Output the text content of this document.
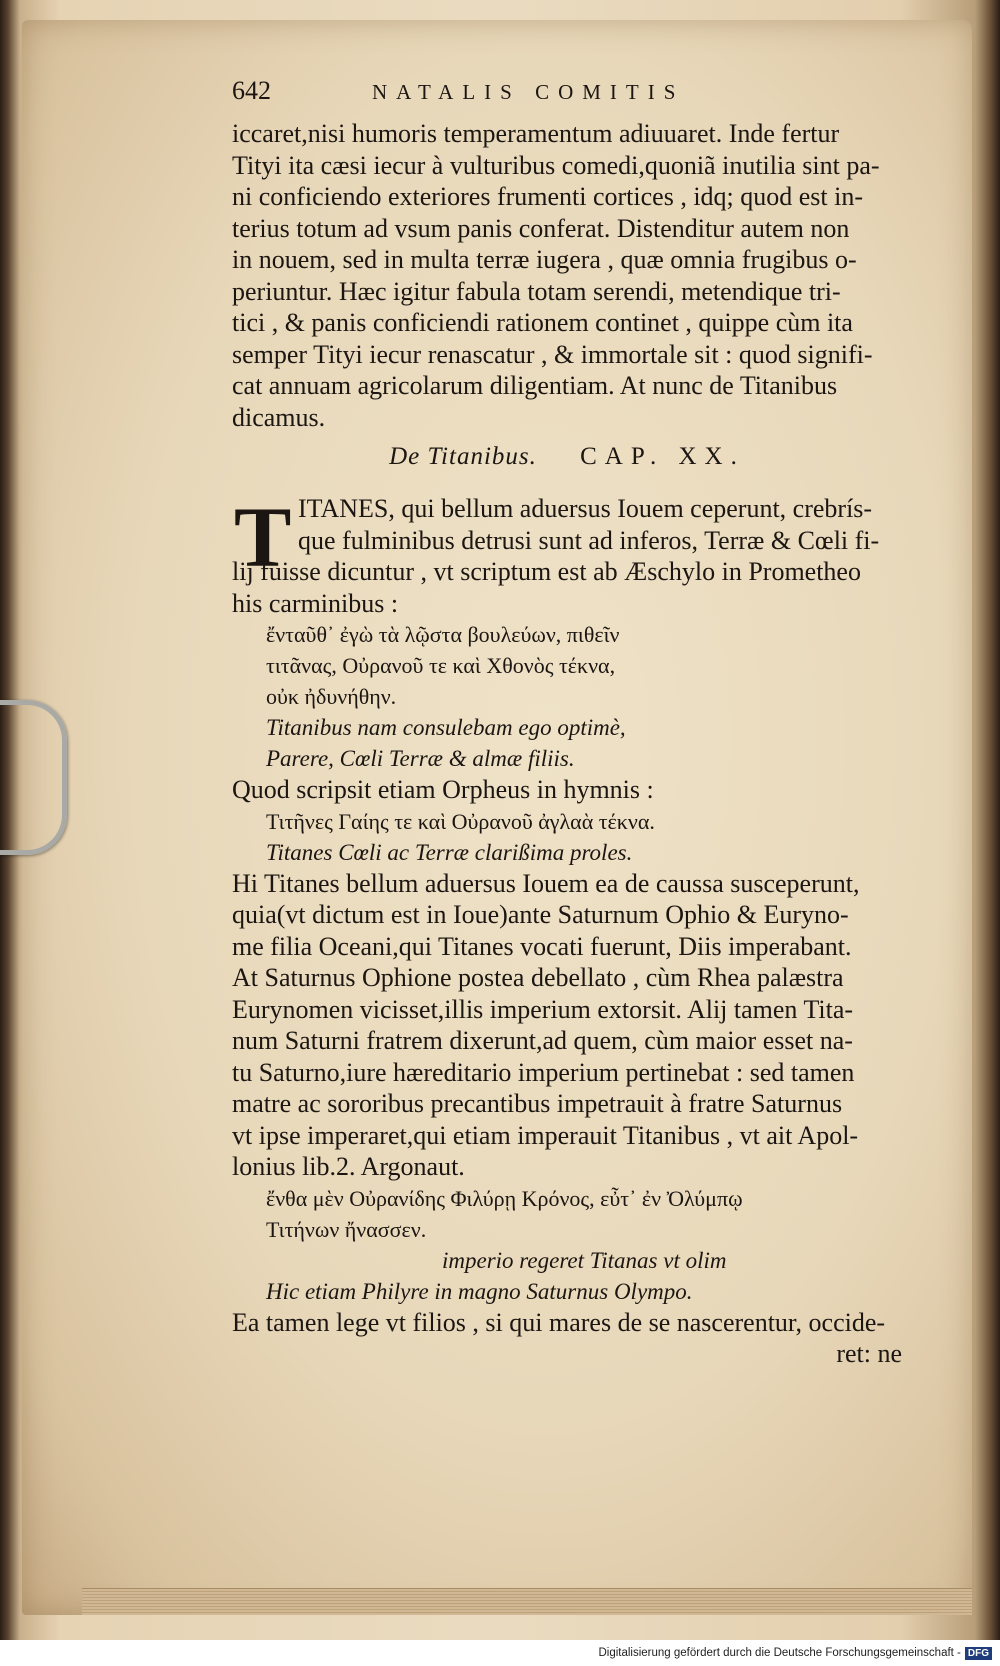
642	NATALIS COMITIS

iccaret,nisi humoris temperamentum adiuuaret. Inde fertur
Tityi ita cæsi iecur à vulturibus comedi,quoniã inutilia sint pa-
ni conficiendo exteriores frumenti cortices , idq; quod est in-
terius totum ad vsum panis conferat. Distenditur autem non
in nouem, sed in multa terræ iugera , quæ omnia frugibus o-
periuntur. Hæc igitur fabula totam serendi, metendique tri-
tici , & panis conficiendi rationem continet , quippe cùm ita
semper Tityi iecur renascatur , & immortale sit : quod signifi-
cat annuam agricolarum diligentiam. At nunc de Titanibus
dicamus.

De Titanibus. CAP. XX.
T ITANES, qui bellum aduersus Iouem ceperunt, crebrís-
que fulminibus detrusi sunt ad inferos, Terræ & Cœli fi-
lij fuisse dicuntur , vt scriptum est ab Æschylo in Prometheo
his carminibus :
ἔνταῦθ᾽ ἐγὼ τὰ λῷστα βουλεύων, πιθεῖν
τιτᾶνας, Οὐρανοῦ τε καὶ Χθονὸς τέκνα,
οὐκ ἠδυνήθην.
Titanibus nam consulebam ego optimè,
Parere, Cœli Terræ & almæ filiis.

Quod scripsit etiam Orpheus in hymnis :

Τιτῆνες Γαίης τε καὶ Οὐρανοῦ ἀγλαὰ τέκνα.
Titanes Cœli ac Terræ clarißima proles.

Hi Titanes bellum aduersus Iouem ea de caussa susceperunt,
quia(vt dictum est in Ioue)ante Saturnum Ophio & Euryno-
me filia Oceani,qui Titanes vocati fuerunt, Diis imperabant.
At Saturnus Ophione postea debellato , cùm Rhea palæstra
Eurynomen vicisset,illis imperium extorsit. Alij tamen Tita-
num Saturni fratrem dixerunt,ad quem, cùm maior esset na-
tu Saturno,iure hæreditario imperium pertinebat : sed tamen
matre ac sororibus precantibus impetrauit à fratre Saturnus
vt ipse imperaret,qui etiam imperauit Titanibus , vt ait Apol-
lonius lib.2. Argonaut.

ἔνθα μὲν Οὐρανίδης Φιλύρῃ Κρόνος, εὖτ᾽ ἐν Ὀλύμπῳ
Τιτήνων ἤνασσεν.
imperio regeret Titanas vt olim
Hic etiam Philyre in magno Saturnus Olympo.

Ea tamen lege vt filios , si qui mares de se nascerentur, occide-
ret: ne

Digitalisierung gefördert durch die Deutsche Forschungsgemeinschaft - DFG
